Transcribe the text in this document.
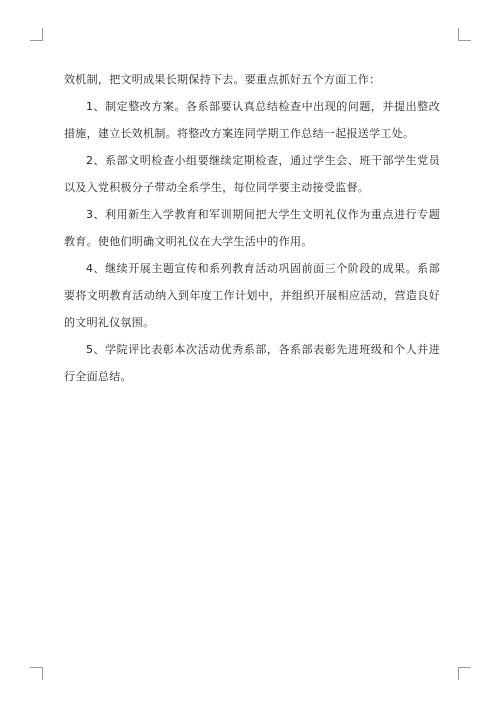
效机制，把文明成果长期保持下去。要重点抓好五个方面工作：

1、制定整改方案。各系部要认真总结检查中出现的问题，并提出整改措施，建立长效机制。将整改方案连同学期工作总结一起报送学工处。

2、系部文明检查小组要继续定期检查，通过学生会、班干部学生党员以及入党积极分子带动全系学生，每位同学要主动接受监督。

3、利用新生入学教育和军训期间把大学生文明礼仪作为重点进行专题教育。使他们明确文明礼仪在大学生活中的作用。

4、继续开展主题宣传和系列教育活动巩固前面三个阶段的成果。系部要将文明教育活动纳入到年度工作计划中，并组织开展相应活动，营造良好的文明礼仪氛围。

5、学院评比表彰本次活动优秀系部，各系部表彰先进班级和个人并进行全面总结。
